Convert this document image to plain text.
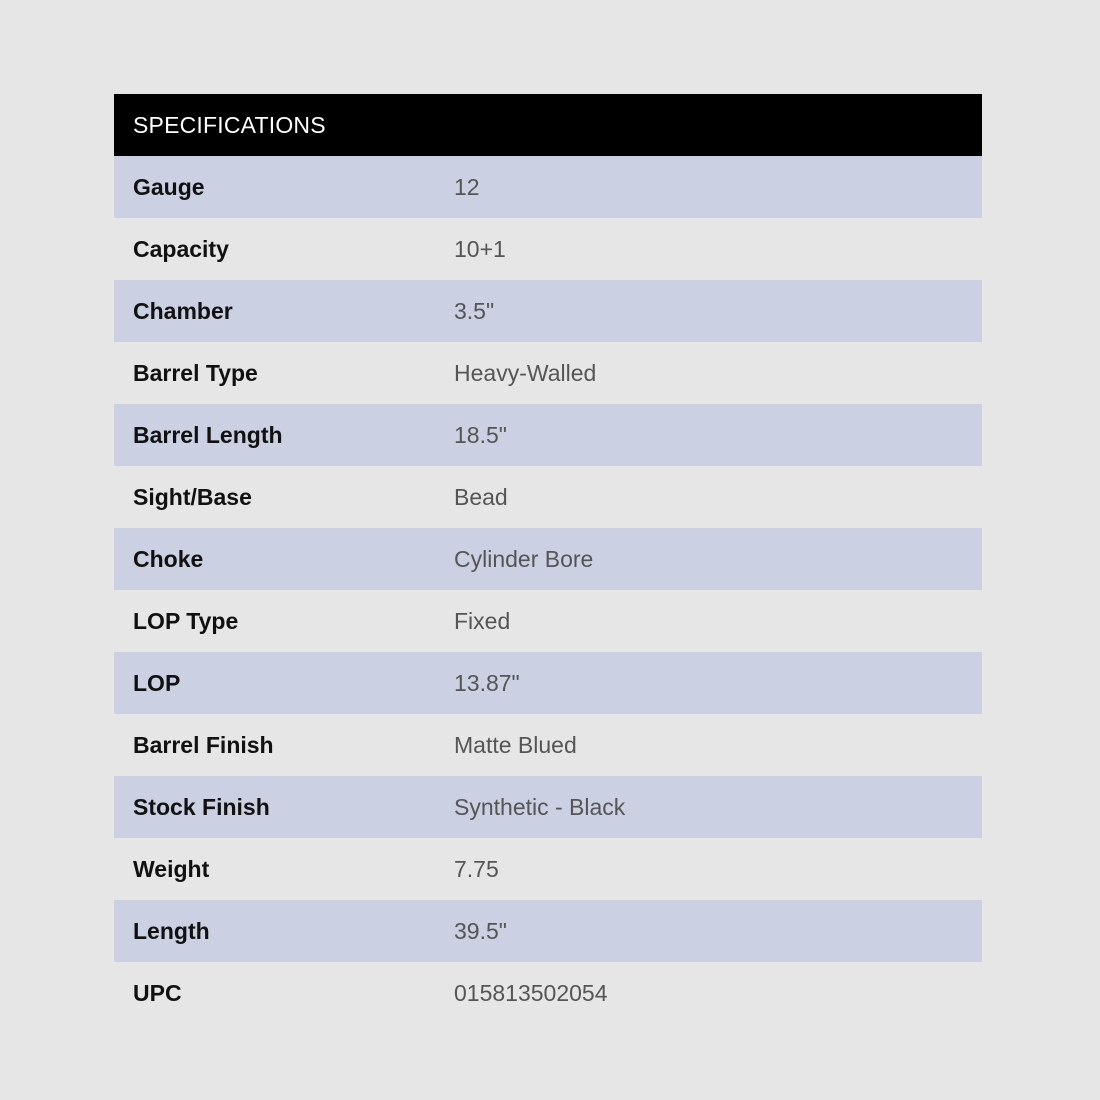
SPECIFICATIONS
Gauge	12
Capacity	10+1
Chamber	3.5"
Barrel Type	Heavy-Walled
Barrel Length	18.5"
Sight/Base	Bead
Choke	Cylinder Bore
LOP Type	Fixed
LOP	13.87"
Barrel Finish	Matte Blued
Stock Finish	Synthetic - Black
Weight	7.75
Length	39.5"
UPC	015813502054
